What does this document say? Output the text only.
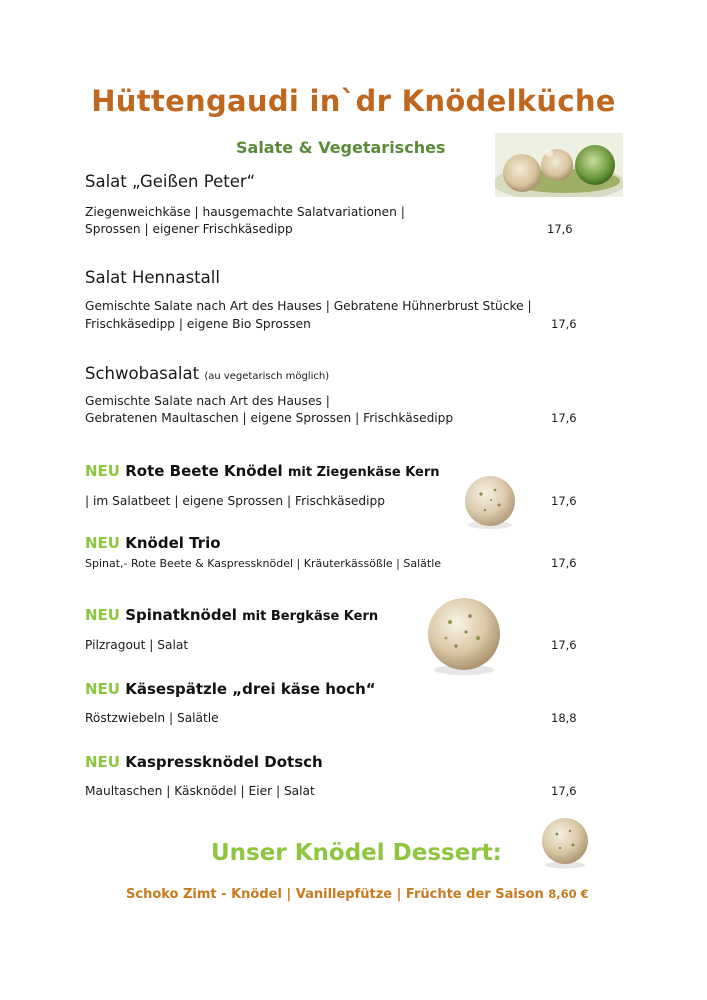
Hüttengaudi in`dr Knödelküche
Salate & Vegetarisches
Salat „Geißen Peter“
Ziegenweichkäse | hausgemachte Salatvariationen |
Sprossen | eigener Frischkäsedipp	17,6
Salat Hennastall
Gemischte Salate nach Art des Hauses | Gebratene Hühnerbrust Stücke |
Frischkäsedipp | eigene Bio Sprossen	17,6
Schwobasalat (au vegetarisch möglich)
Gemischte Salate nach Art des Hauses |
Gebratenen Maultaschen | eigene Sprossen | Frischkäsedipp	17,6
NEU Rote Beete Knödel mit Ziegenkäse Kern
| im Salatbeet | eigene Sprossen | Frischkäsedipp	17,6
NEU Knödel Trio
Spinat,- Rote Beete & Kaspressknödel | Kräuterkässößle | Salätle	17,6
NEU Spinatknödel mit Bergkäse Kern
Pilzragout | Salat	17,6
NEU Käsespätzle „drei käse hoch“
Röstzwiebeln | Salätle	18,8
NEU Kaspressknödel Dotsch
Maultaschen | Käsknödel | Eier | Salat	17,6
Unser Knödel Dessert:
Schoko Zimt - Knödel | Vanillepfütze | Früchte der Saison 8,60 €
